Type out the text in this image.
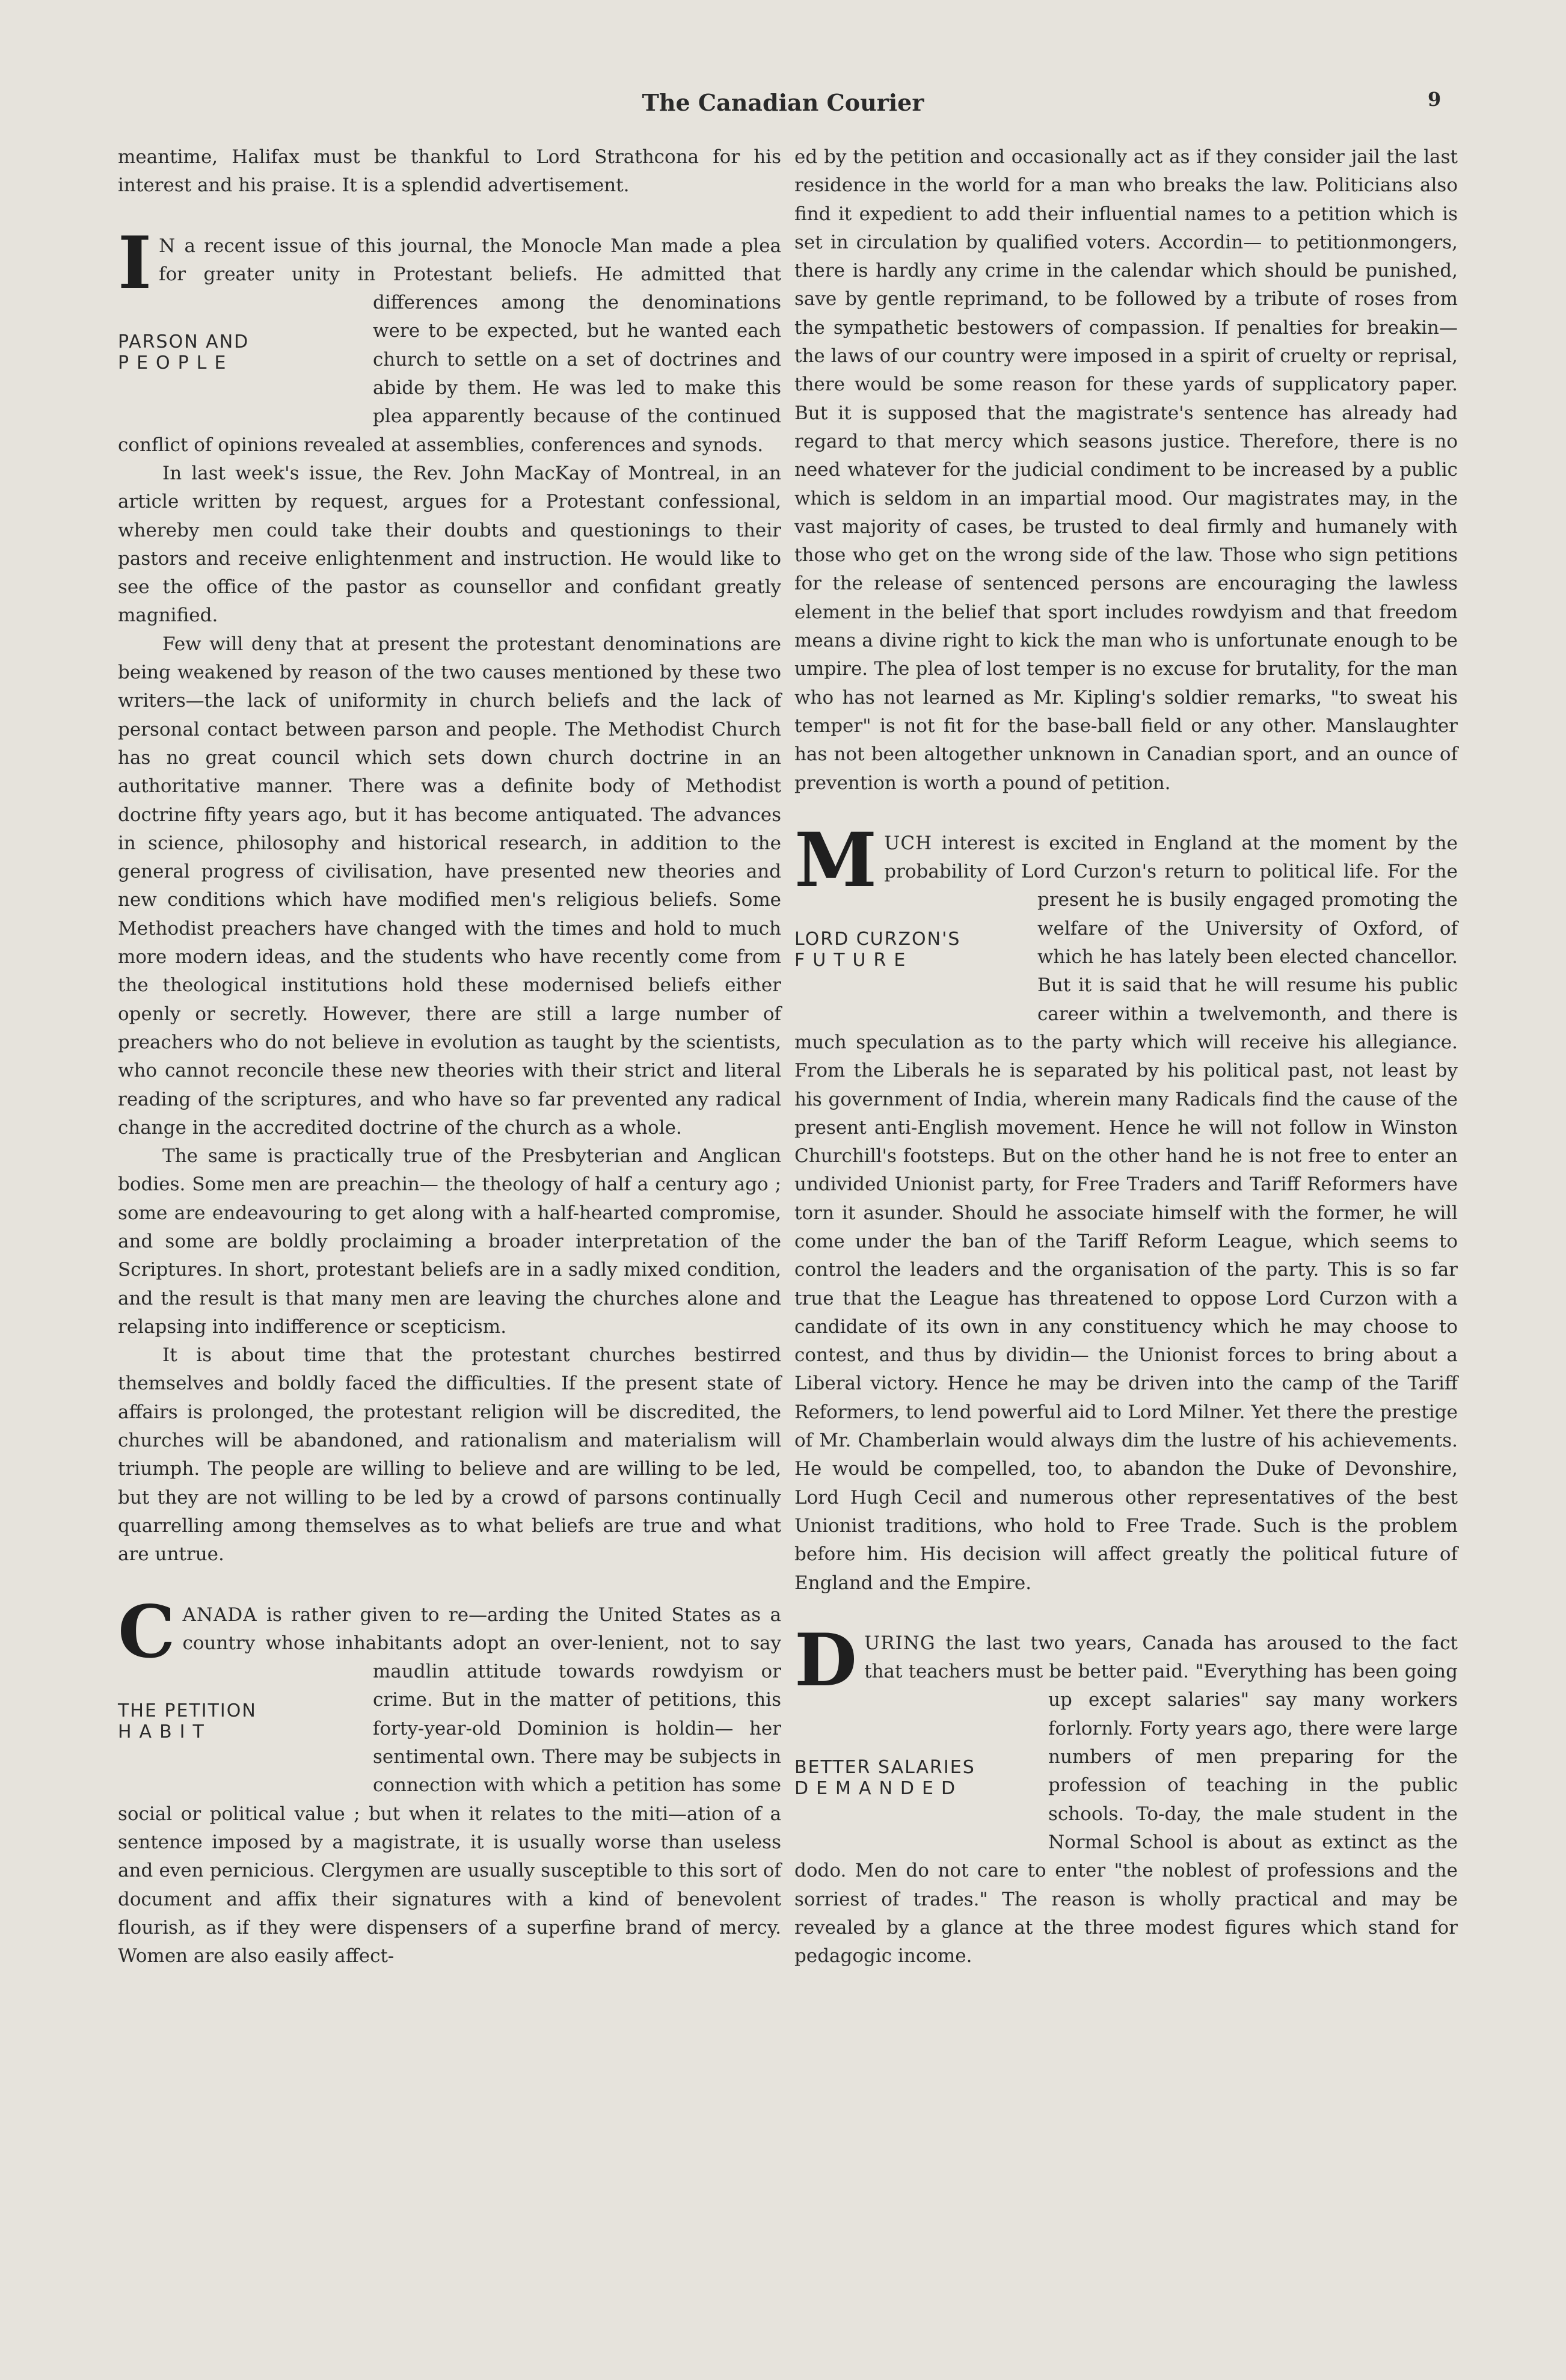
The Canadian Courier	9

meantime, Halifax must be thankful to Lord Strathcona for his interest and his praise. It is a splendid advertisement.

I N
PARSON AND
PEOPLE
a recent issue of this journal, the Monocle Man made a plea for greater unity in Protestant beliefs. He admitted that differences among the denominations were to be expected, but he wanted each church to settle on a set of doctrines and abide by them. He was led to make this plea apparently because of the continued conflict of opinions revealed at assemblies, conferences and synods.

In last week's issue, the Rev. John MacKay of Montreal, in an article written by request, argues for a Protestant confessional, whereby men could take their doubts and questionings to their pastors and receive enlightenment and instruction. He would like to see the office of the pastor as counsellor and confidant greatly magnified.

Few will deny that at present the protestant denominations are being weakened by reason of the two causes mentioned by these two writers—the lack of uniformity in church beliefs and the lack of personal contact between parson and people. The Methodist Church has no great council which sets down church doctrine in an authoritative manner. There was a definite body of Methodist doctrine fifty years ago, but it has become antiquated. The advances in science, philosophy and historical research, in addition to the general progress of civilisation, have presented new theories and new conditions which have modified men's religious beliefs. Some Methodist preachers have changed with the times and hold to much more modern ideas, and the students who have recently come from the theological institutions hold these modernised beliefs either openly or secretly. However, there are still a large number of preachers who do not believe in evolution as taught by the scientists, who cannot reconcile these new theories with their strict and literal reading of the scriptures, and who have so far prevented any radical change in the accredited doctrine of the church as a whole.

The same is practically true of the Presbyterian and Anglican bodies. Some men are preachin— the theology of half a century ago ; some are endeavouring to get along with a half-hearted compromise, and some are boldly proclaiming a broader interpretation of the Scriptures. In short, protestant beliefs are in a sadly mixed condition, and the result is that many men are leaving the churches alone and relapsing into indifference or scepticism.

It is about time that the protestant churches bestirred themselves and boldly faced the difficulties. If the present state of affairs is prolonged, the protestant religion will be discredited, the churches will be abandoned, and rationalism and materialism will triumph. The people are willing to believe and are willing to be led, but they are not willing to be led by a crowd of parsons continually quarrelling among themselves as to what beliefs are true and what are untrue.

CANADA
THE PETITION
HABIT
is rather given to re—arding the United States as a country whose inhabitants adopt an over-lenient, not to say maudlin attitude towards rowdyism or crime. But in the matter of petitions, this forty-year-old Dominion is holdin— her sentimental own. There may be subjects in connection with which a petition has some social or political value ; but when it relates to the miti—ation of a sentence imposed by a magistrate, it is usually worse than useless and even pernicious. Clergymen are usually susceptible to this sort of document and affix their signatures with a kind of benevolent flourish, as if they were dispensers of a superfine brand of mercy. Women are also easily affect-

ed by the petition and occasionally act as if they consider jail the last residence in the world for a man who breaks the law. Politicians also find it expedient to add their influential names to a petition which is set in circulation by qualified voters. Accordin— to petitionmongers, there is hardly any crime in the calendar which should be punished, save by gentle reprimand, to be followed by a tribute of roses from the sympathetic bestowers of compassion. If penalties for breakin— the laws of our country were imposed in a spirit of cruelty or reprisal, there would be some reason for these yards of supplicatory paper. But it is supposed that the magistrate's sentence has already had regard to that mercy which seasons justice. Therefore, there is no need whatever for the judicial condiment to be increased by a public which is seldom in an impartial mood. Our magistrates may, in the vast majority of cases, be trusted to deal firmly and humanely with those who get on the wrong side of the law. Those who sign petitions for the release of sentenced persons are encouraging the lawless element in the belief that sport includes rowdyism and that freedom means a divine right to kick the man who is unfortunate enough to be umpire. The plea of lost temper is no excuse for brutality, for the man who has not learned as Mr. Kipling's soldier remarks, "to sweat his temper" is not fit for the base-ball field or any other. Manslaughter has not been altogether unknown in Canadian sport, and an ounce of prevention is worth a pound of petition.

MUCH
LORD CURZON'S
FUTURE
interest is excited in England at the moment by the probability of Lord Curzon's return to political life. For the present he is busily engaged promoting the welfare of the University of Oxford, of which he has lately been elected chancellor. But it is said that he will resume his public career within a twelvemonth, and there is much speculation as to the party which will receive his allegiance. From the Liberals he is separated by his political past, not least by his government of India, wherein many Radicals find the cause of the present anti-English movement. Hence he will not follow in Winston Churchill's footsteps. But on the other hand he is not free to enter an undivided Unionist party, for Free Traders and Tariff Reformers have torn it asunder. Should he associate himself with the former, he will come under the ban of the Tariff Reform League, which seems to control the leaders and the organisation of the party. This is so far true that the League has threatened to oppose Lord Curzon with a candidate of its own in any constituency which he may choose to contest, and thus by dividin— the Unionist forces to bring about a Liberal victory. Hence he may be driven into the camp of the Tariff Reformers, to lend powerful aid to Lord Milner. Yet there the prestige of Mr. Chamberlain would always dim the lustre of his achievements. He would be compelled, too, to abandon the Duke of Devonshire, Lord Hugh Cecil and numerous other representatives of the best Unionist traditions, who hold to Free Trade. Such is the problem before him. His decision will affect greatly the political future of England and the Empire.

DURING
BETTER SALARIES
DEMANDED
the last two years, Canada has aroused to the fact that teachers must be better paid. "Everything has been going up except salaries" say many workers forlornly. Forty years ago, there were large numbers of men preparing for the profession of teaching in the public schools. To-day, the male student in the Normal School is about as extinct as the dodo. Men do not care to enter "the noblest of professions and the sorriest of trades." The reason is wholly practical and may be revealed by a glance at the three modest figures which stand for pedagogic income.
